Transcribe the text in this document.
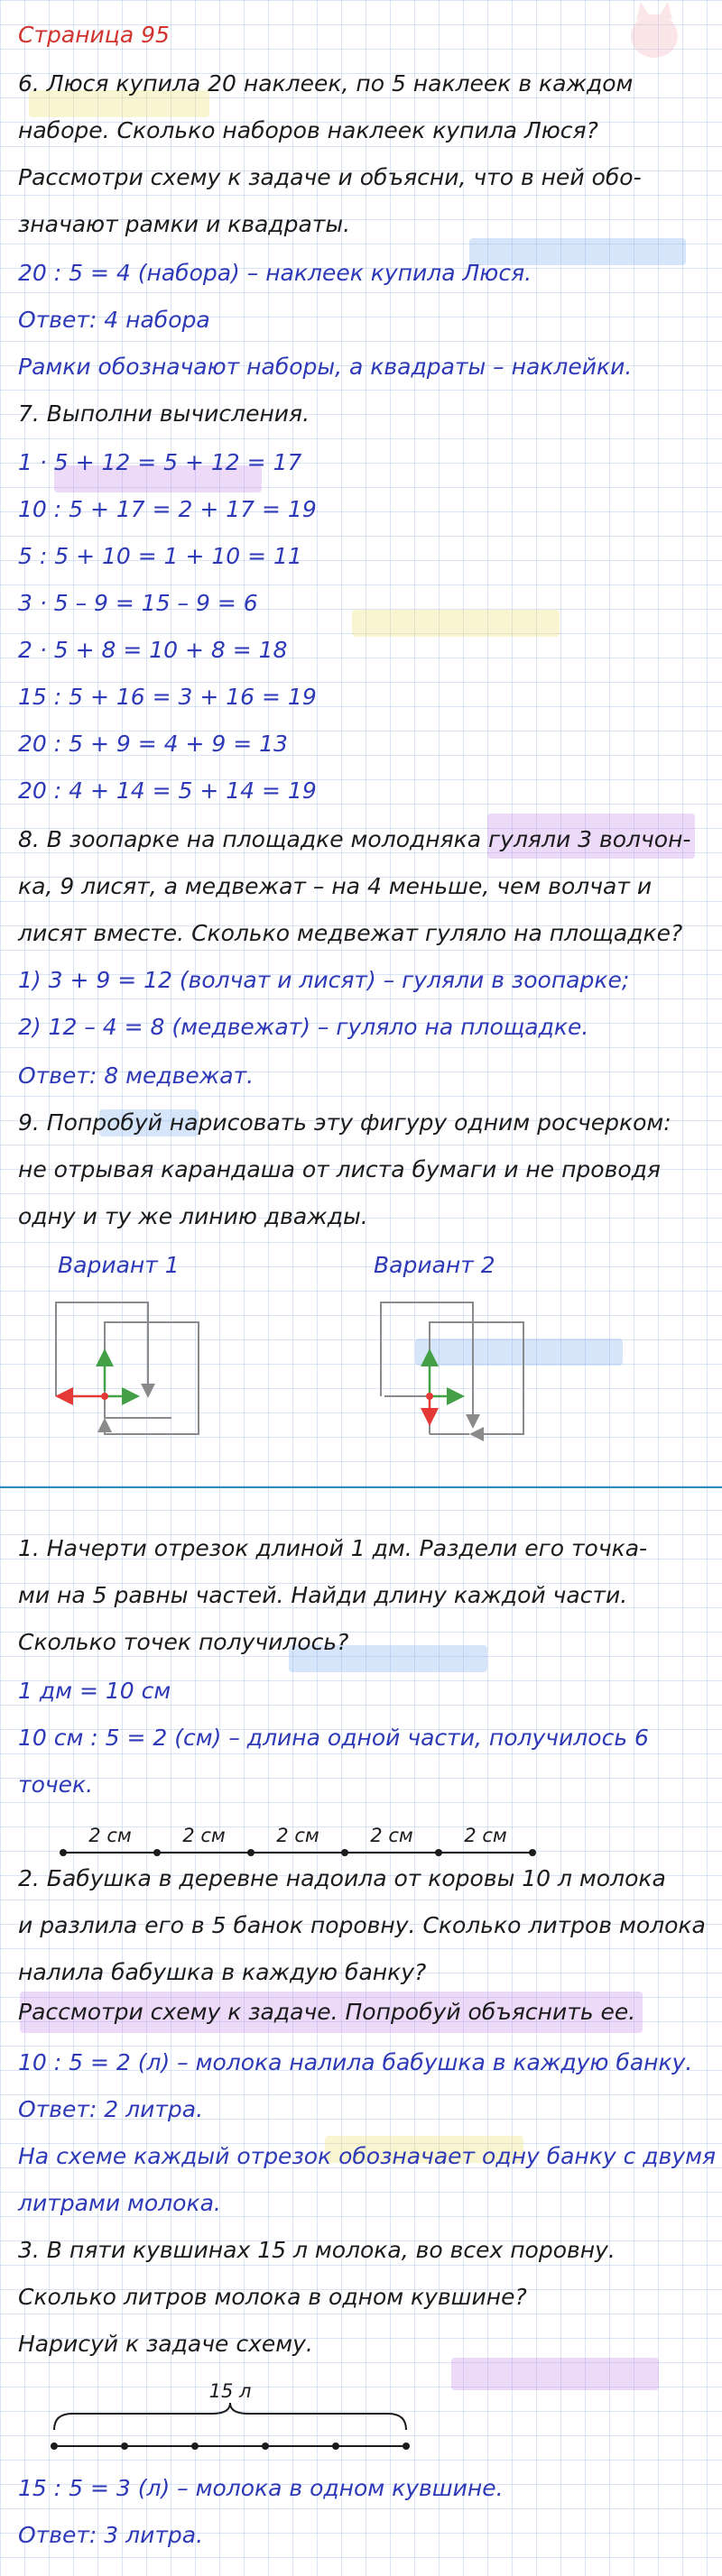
Страница 95
6. Люся купила 20 наклеек, по 5 наклеек в каждом
наборе. Сколько наборов наклеек купила Люся?
Рассмотри схему к задаче и объясни, что в ней обо-
значают рамки и квадраты.
20 : 5 = 4 (набора) – наклеек купила Люся.
Ответ: 4 набора
Рамки обозначают наборы, а квадраты – наклейки.
7. Выполни вычисления.
1 · 5 + 12 = 5 + 12 = 17
10 : 5 + 17 = 2 + 17 = 19
5 : 5 + 10 = 1 + 10 = 11
3 · 5 – 9 = 15 – 9 = 6
2 · 5 + 8 = 10 + 8 = 18
15 : 5 + 16 = 3 + 16 = 19
20 : 5 + 9 = 4 + 9 = 13
20 : 4 + 14 = 5 + 14 = 19
8. В зоопарке на площадке молодняка гуляли 3 волчон-
ка, 9 лисят, а медвежат – на 4 меньше, чем волчат и
лисят вместе. Сколько медвежат гуляло на площадке?
1) 3 + 9 = 12 (волчат и лисят) – гуляли в зоопарке;
2) 12 – 4 = 8 (медвежат) – гуляло на площадке.
Ответ: 8 медвежат.
9. Попробуй нарисовать эту фигуру одним росчерком:
не отрывая карандаша от листа бумаги и не проводя
одну и ту же линию дважды.
Вариант 1	Вариант 2
1. Начерти отрезок длиной 1 дм. Раздели его точка-
ми на 5 равны частей. Найди длину каждой части.
Сколько точек получилось?
1 дм = 10 см
10 см : 5 = 2 (см) – длина одной части, получилось 6
точек.
2 см	2 см	2 см	2 см	2 см
2. Бабушка в деревне надоила от коровы 10 л молока
и разлила его в 5 банок поровну. Сколько литров молока
налила бабушка в каждую банку?
Рассмотри схему к задаче. Попробуй объяснить ее.
10 : 5 = 2 (л) – молока налила бабушка в каждую банку.
Ответ: 2 литра.
На схеме каждый отрезок обозначает одну банку с двумя
литрами молока.
3. В пяти кувшинах 15 л молока, во всех поровну.
Сколько литров молока в одном кувшине?
Нарисуй к задаче схему.
15 л
15 : 5 = 3 (л) – молока в одном кувшине.
Ответ: 3 литра.
